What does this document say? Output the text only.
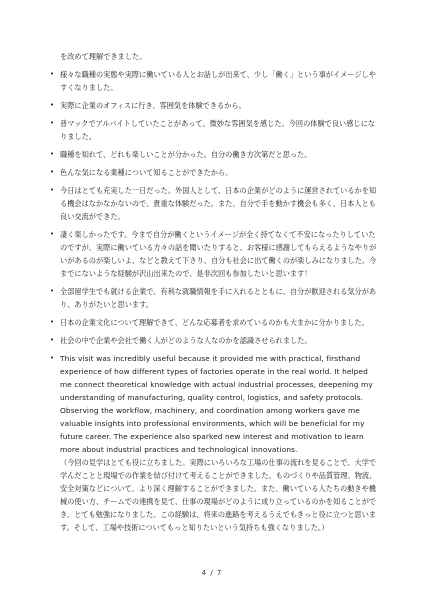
を改めて理解できました。

• 様々な職種の実態や実際に働いている人とお話しが出来て、少し「働く」という事がイメージしやすくなりました。
• 実際に企業のオフィスに行き、雰囲気を体験できるから。
• 普マックでアルバイトしていたことがあって、微妙な雰囲気を感じた。今回の体験で良い感じになりました。
• 職種を知れて、どれも楽しいことが分かった。自分の働き方次第だと思った。
• 色んな気になる業種について知ることができたから。
• 今日はとても充実した一日だった。外国人として、日本の企業がどのように運営されているかを知る機会はなかなかないので、貴重な体験だった。また、自分で手を動かす機会も多く、日本人とも良い交流ができた。
• 凄く楽しかったです。今まで自分が働くというイメージが全く持てなくて不安になったりしていたのですが、実際に働いている方々の話を聞いたりすると、お客様に感謝してもらえるようなやりがいがあるのが楽しいよ、などと教えて下さり、自分も社会に出て働くのが楽しみになりました。今までにないような経験が沢山出来たので、是非次回も参加したいと思います！
• 全部留学生でも就ける企業で、有利な就職情報を手に入れるとともに、自分が歓迎される気分があり、ありがたいと思います。
• 日本の企業文化について理解できて、どんな応募者を求めているのかも大まかに分かりました。
• 社会の中で企業や会社で働く人がどのような人なのかを認識させられました。
• This visit was incredibly useful because it provided me with practical, firsthand experience of how different types of factories operate in the real world. It helped me connect theoretical knowledge with actual industrial processes, deepening my understanding of manufacturing, quality control, logistics, and safety protocols. Observing the workflow, machinery, and coordination among workers gave me valuable insights into professional environments, which will be beneficial for my future career. The experience also sparked new interest and motivation to learn more about industrial practices and technological innovations.

（今回の見学はとても役に立ちました。実際にいろいろな工場の仕事の流れを見ることで、大学で学んだことと現場での作業を結び付けて考えることができました。ものづくりや品質管理、物流、安全対策などについて、より深く理解することができました。また、働いている人たちの動きや機械の使い方、チームでの連携を見て、仕事の現場がどのように成り立っているのかを知ることができ、とても勉強になりました。この経験は、将来の進路を考えるうえでもきっと役に立つと思います。そして、工場や技術についてもっと知りたいという気持ちも強くなりました。）

4 / 7
